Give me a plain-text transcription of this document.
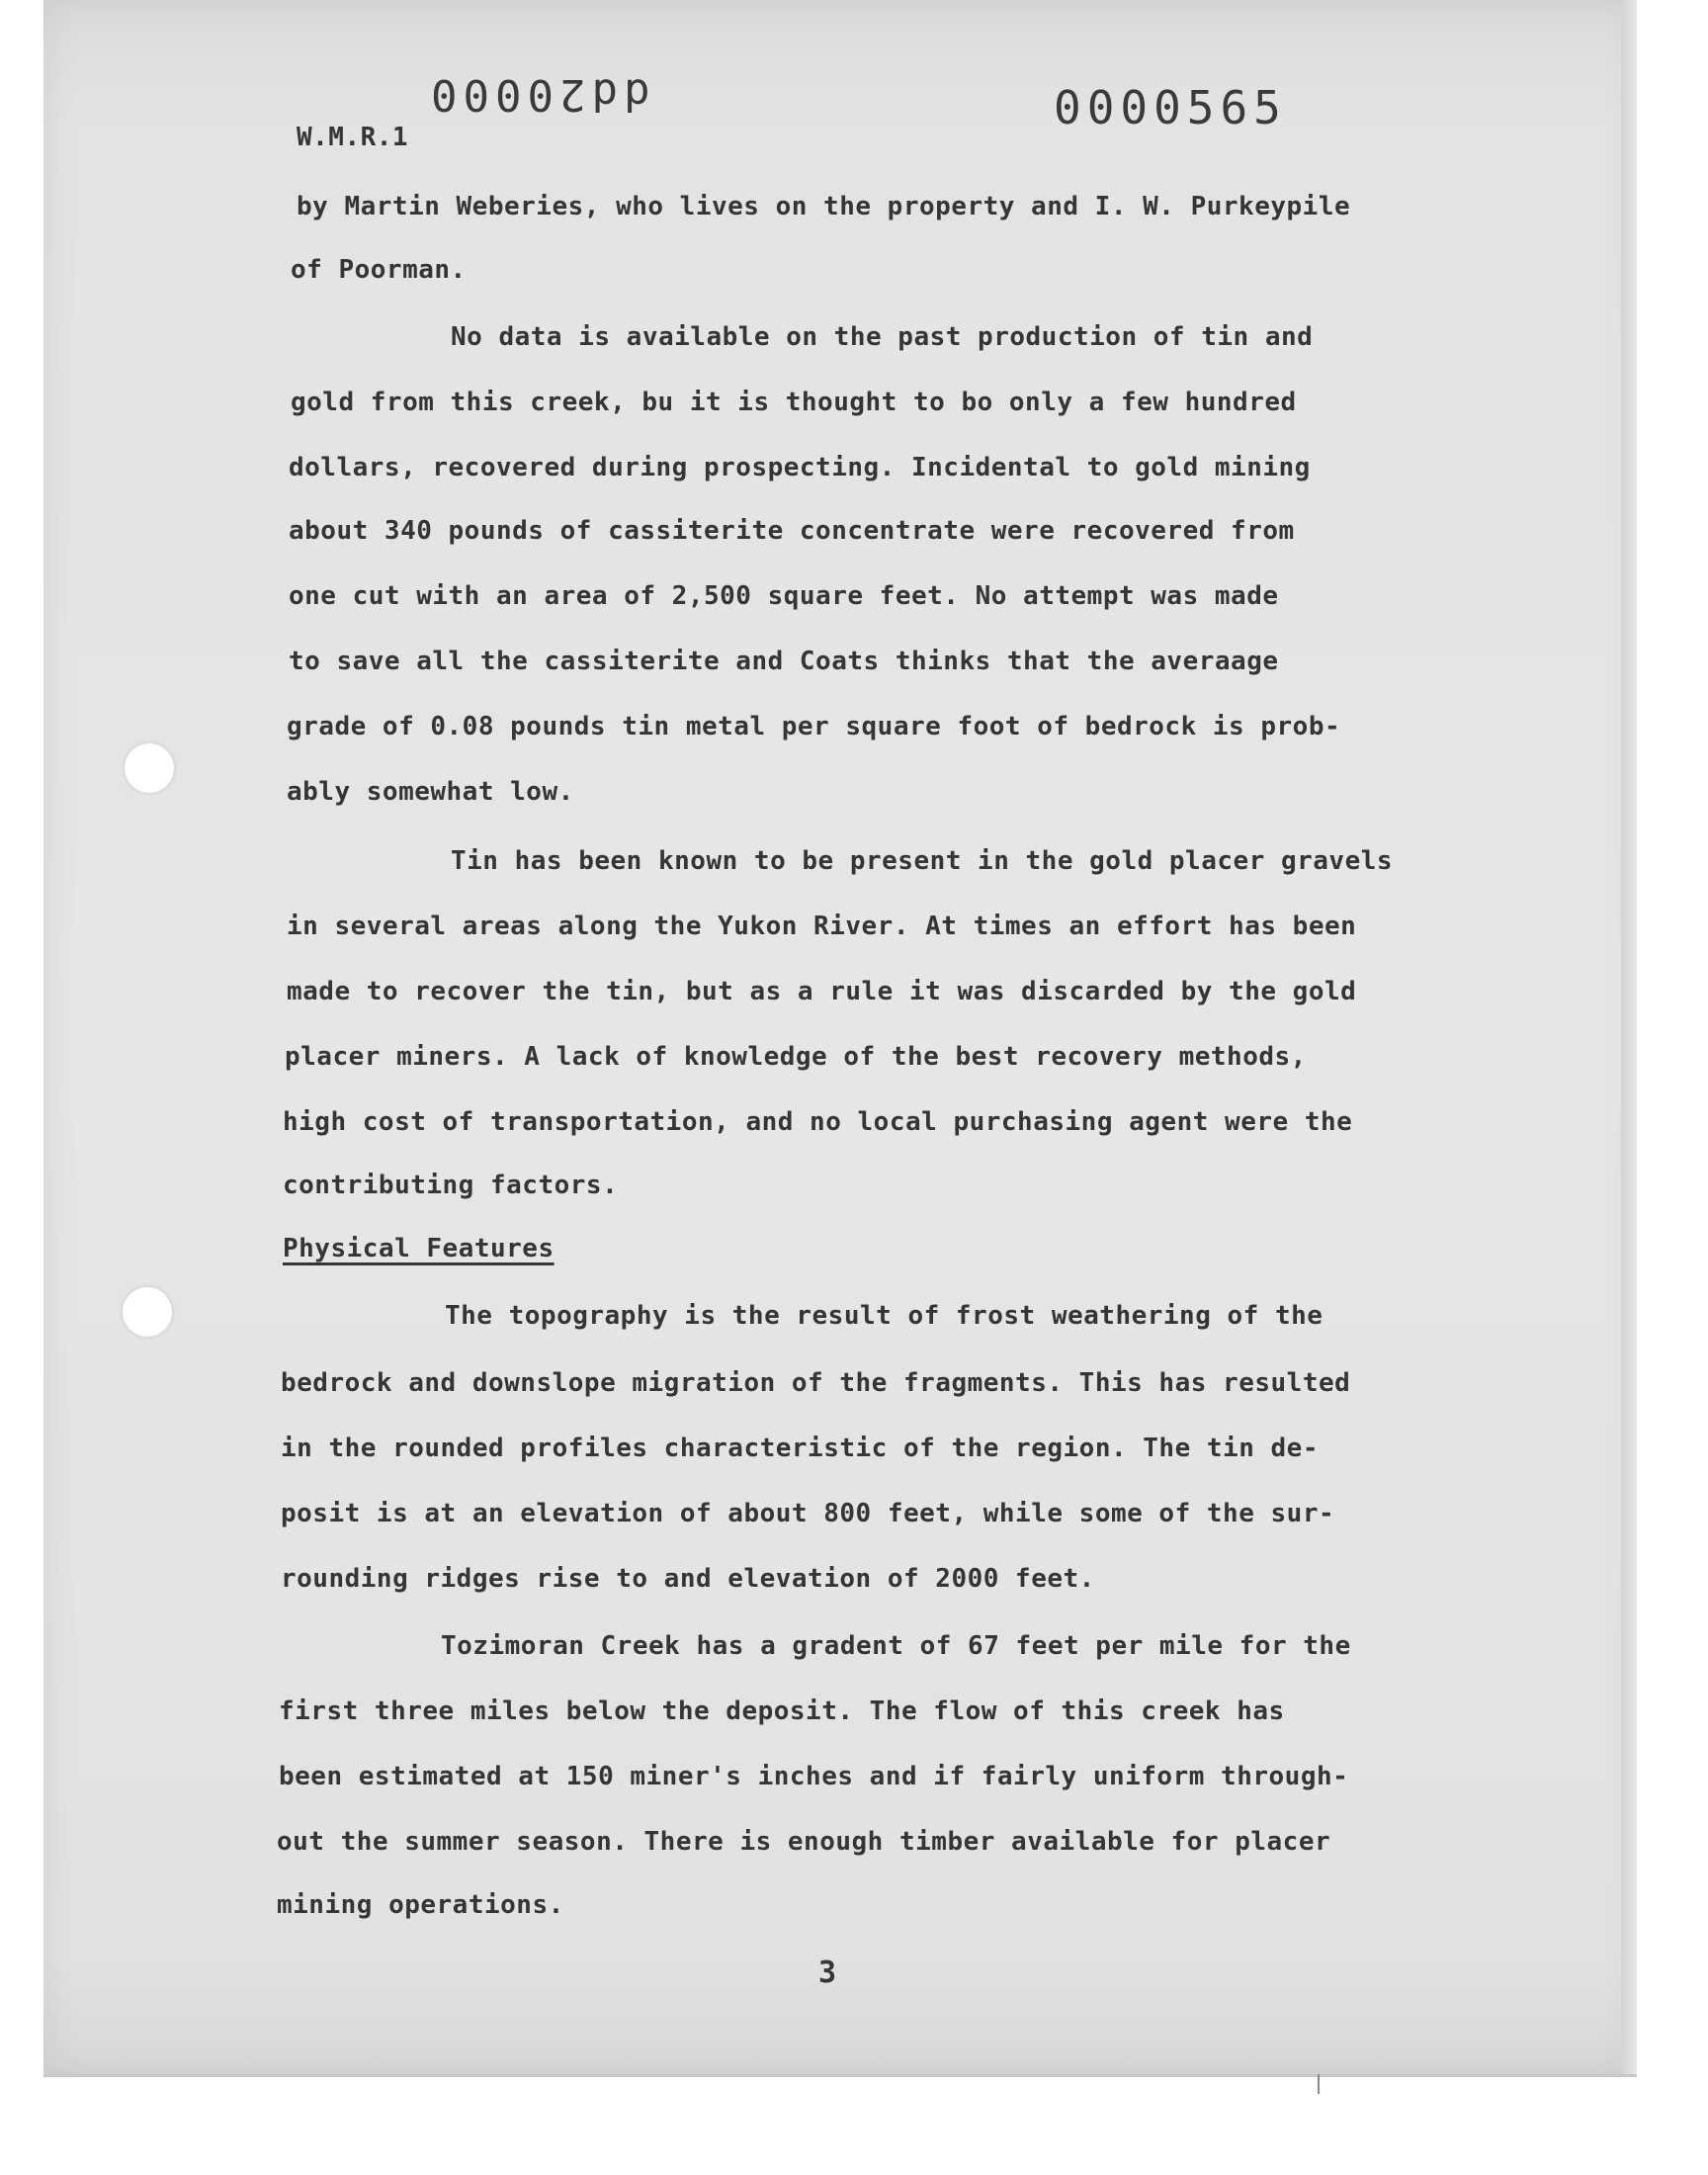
dd20000	0000565
W.M.R.1
by Martin Weberies, who lives on the property and I. W. Purkeypile
of Poorman.
No data is available on the past production of tin and
gold from this creek, bu it is thought to bo only a few hundred
dollars, recovered during prospecting. Incidental to gold mining
about 340 pounds of cassiterite concentrate were recovered from
one cut with an area of 2,500 square feet. No attempt was made
to save all the cassiterite and Coats thinks that the averaage
grade of 0.08 pounds tin metal per square foot of bedrock is prob-
ably somewhat low.
Tin has been known to be present in the gold placer gravels
in several areas along the Yukon River. At times an effort has been
made to recover the tin, but as a rule it was discarded by the gold
placer miners. A lack of knowledge of the best recovery methods,
high cost of transportation, and no local purchasing agent were the
contributing factors.
Physical Features
The topography is the result of frost weathering of the
bedrock and downslope migration of the fragments. This has resulted
in the rounded profiles characteristic of the region. The tin de-
posit is at an elevation of about 800 feet, while some of the sur-
rounding ridges rise to and elevation of 2000 feet.
Tozimoran Creek has a gradent of 67 feet per mile for the
first three miles below the deposit. The flow of this creek has
been estimated at 150 miner's inches and if fairly uniform through-
out the summer season. There is enough timber available for placer
mining operations.
3
